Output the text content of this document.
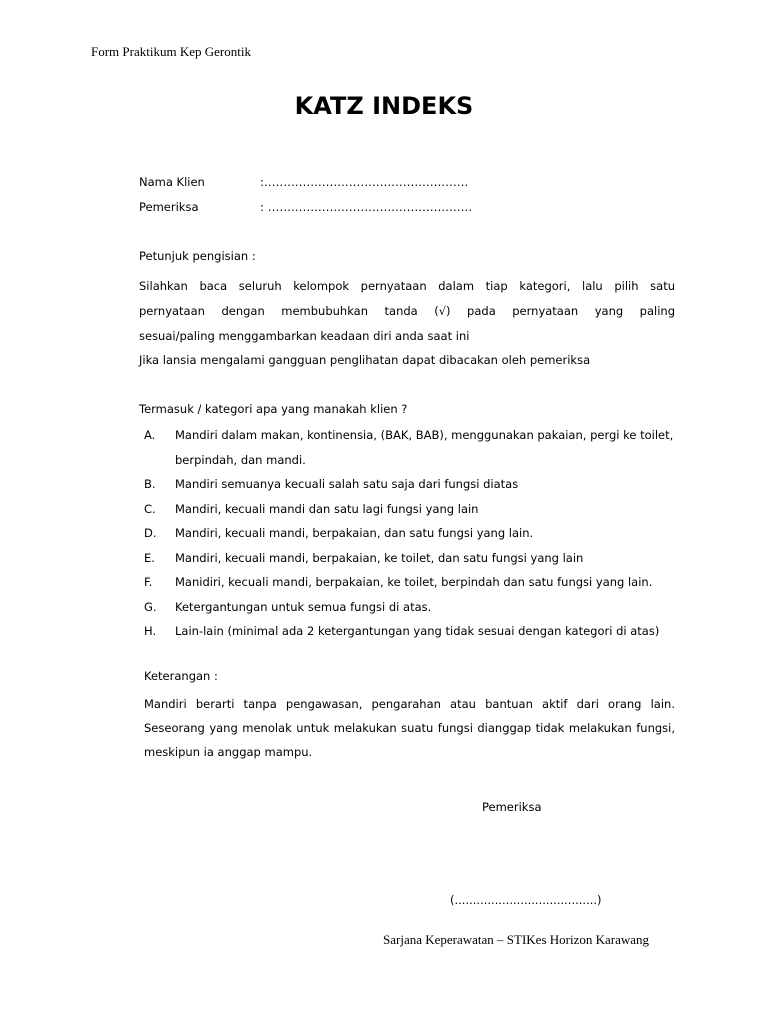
Form Praktikum Kep Gerontik
KATZ INDEKS
Nama Klien	:.....................................................
Pemeriksa	: .....................................................
Petunjuk pengisian :
Silahkan baca seluruh kelompok pernyataan dalam tiap kategori, lalu pilih satu
pernyataan dengan membubuhkan tanda (√) pada pernyataan yang paling
sesuai/paling menggambarkan keadaan diri anda saat ini
Jika lansia mengalami gangguan penglihatan dapat dibacakan oleh pemeriksa
Termasuk / kategori apa yang manakah klien ?
A.	Mandiri dalam makan, kontinensia, (BAK, BAB), menggunakan pakaian, pergi ke toilet, berpindah, dan mandi.
B.	Mandiri semuanya kecuali salah satu saja dari fungsi diatas
C.	Mandiri, kecuali mandi dan satu lagi fungsi yang lain
D.	Mandiri, kecuali mandi, berpakaian, dan satu fungsi yang lain.
E.	Mandiri, kecuali mandi, berpakaian, ke toilet, dan satu fungsi yang lain
F.	Manidiri, kecuali mandi, berpakaian, ke toilet, berpindah dan satu fungsi yang lain.
G.	Ketergantungan untuk semua fungsi di atas.
H.	Lain-lain (minimal ada 2 ketergantungan yang tidak sesuai dengan kategori di atas)
Keterangan :
Mandiri berarti tanpa pengawasan, pengarahan atau bantuan aktif dari orang lain.
Seseorang yang menolak untuk melakukan suatu fungsi dianggap tidak melakukan fungsi,
meskipun ia anggap mampu.
Pemeriksa
(.......................................)
Sarjana Keperawatan – STIKes Horizon Karawang
